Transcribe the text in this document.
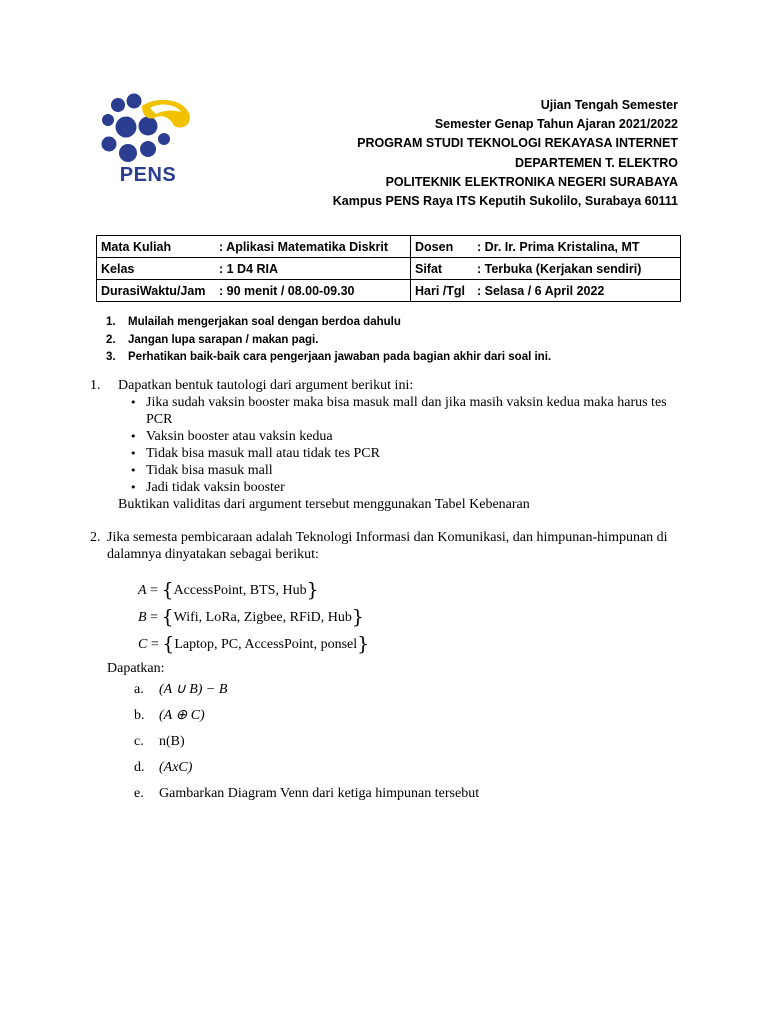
PENS
Ujian Tengah Semester
Semester Genap Tahun Ajaran 2021/2022
PROGRAM STUDI TEKNOLOGI REKAYASA INTERNET
DEPARTEMEN T. ELEKTRO
POLITEKNIK ELEKTRONIKA NEGERI SURABAYA
Kampus PENS Raya ITS Keputih Sukolilo, Surabaya 60111
Mata Kuliah : Aplikasi Matematika Diskrit	Dosen : Dr. Ir. Prima Kristalina, MT
Kelas : 1 D4 RIA	Sifat : Terbuka (Kerjakan sendiri)
DurasiWaktu/Jam : 90 menit / 08.00-09.30	Hari /Tgl : Selasa / 6 April 2022
1. Mulailah mengerjakan soal dengan berdoa dahulu
2. Jangan lupa sarapan / makan pagi.
3. Perhatikan baik-baik cara pengerjaan jawaban pada bagian akhir dari soal ini.
1. Dapatkan bentuk tautologi dari argument berikut ini:
• Jika sudah vaksin booster maka bisa masuk mall dan jika masih vaksin kedua maka harus tes PCR
• Vaksin booster atau vaksin kedua
• Tidak bisa masuk mall atau tidak tes PCR
• Tidak bisa masuk mall
• Jadi tidak vaksin booster
Buktikan validitas dari argument tersebut menggunakan Tabel Kebenaran
2. Jika semesta pembicaraan adalah Teknologi Informasi dan Komunikasi, dan himpunan-himpunan di dalamnya dinyatakan sebagai berikut:
A = {AccessPoint, BTS, Hub}
B = {Wifi, LoRa, Zigbee, RFiD, Hub}
C = {Laptop, PC, AccessPoint, ponsel}
Dapatkan:
a.	(A ∪ B) − B
b.	(A ⊕ C)
c.	n(B)
d.	(AxC)
e.	Gambarkan Diagram Venn dari ketiga himpunan tersebut
